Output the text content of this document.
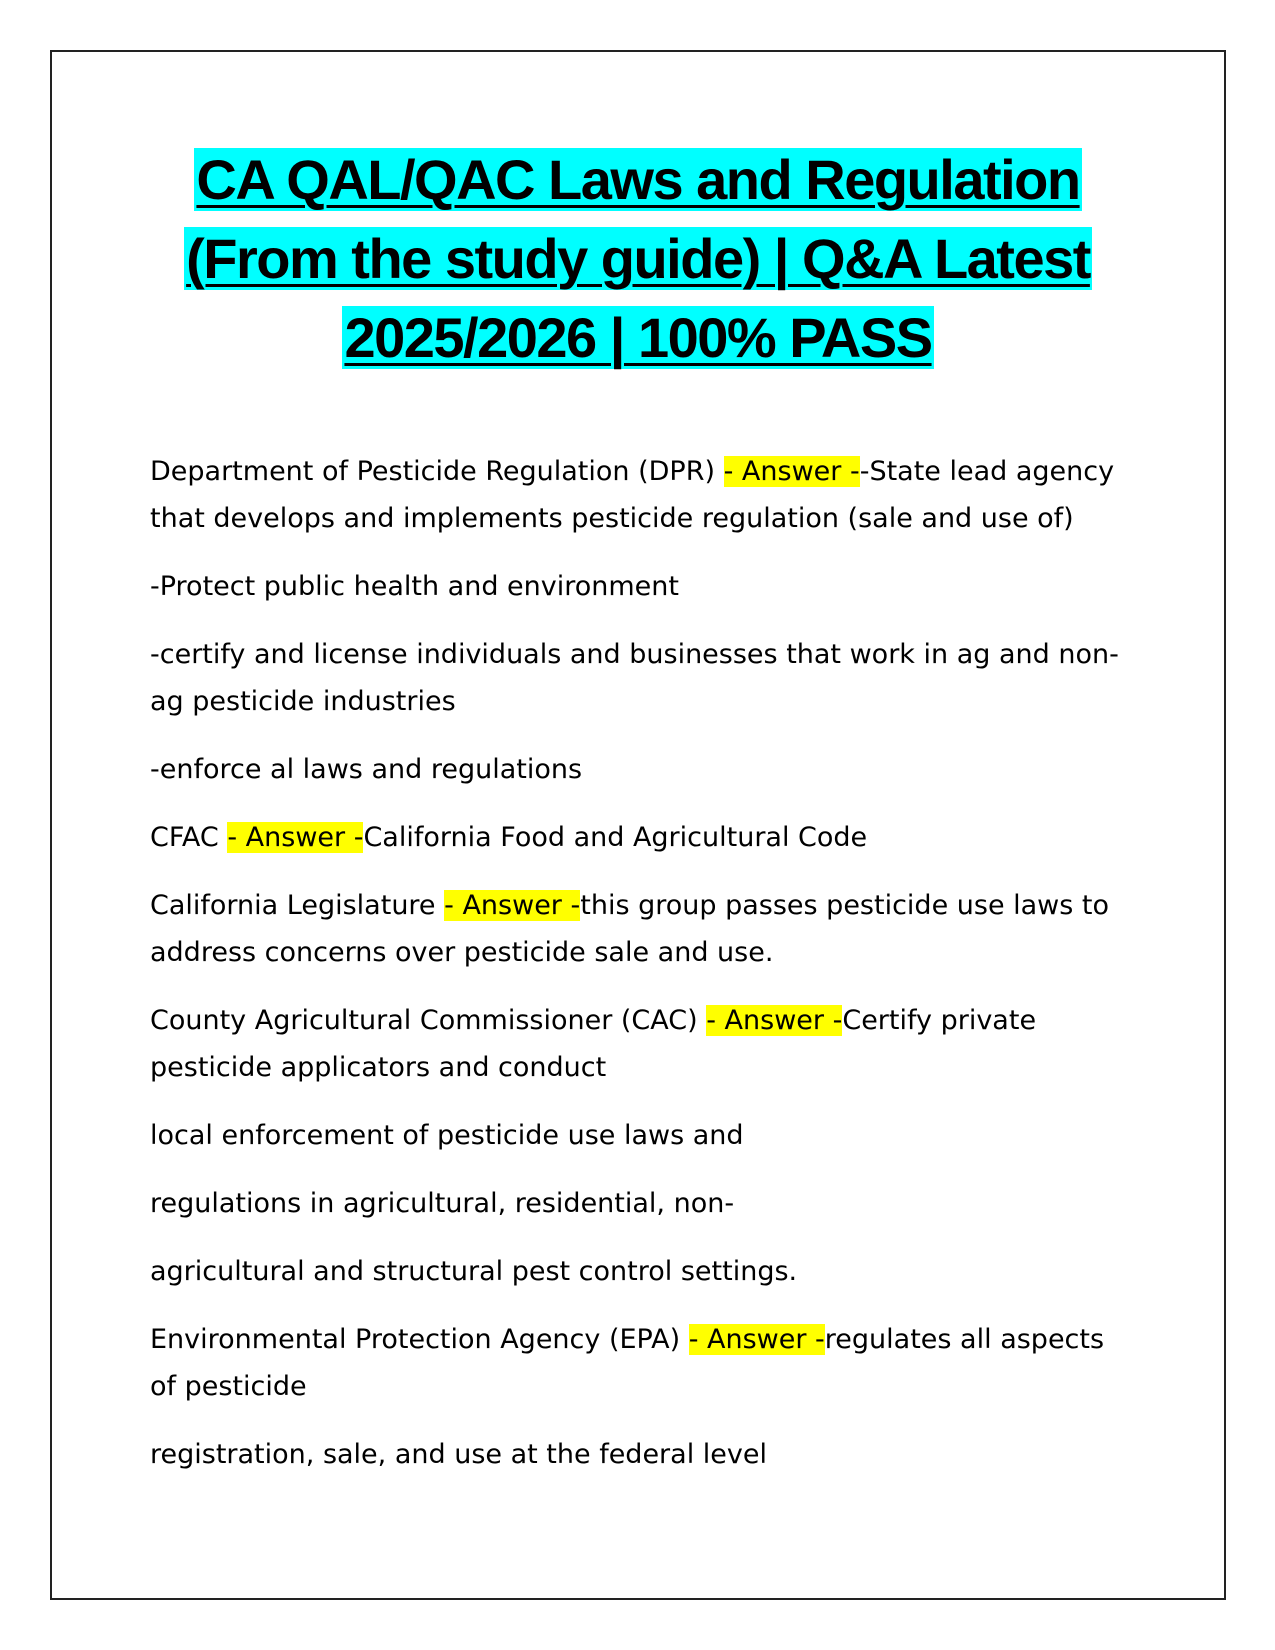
CA QAL/QAC Laws and Regulation
(From the study guide) | Q&A Latest
2025/2026 | 100% PASS

Department of Pesticide Regulation (DPR) - Answer --State lead agency that develops and implements pesticide regulation (sale and use of)

-Protect public health and environment

-certify and license individuals and businesses that work in ag and non-ag pesticide industries

-enforce al laws and regulations

CFAC - Answer -California Food and Agricultural Code

California Legislature - Answer -this group passes pesticide use laws to address concerns over pesticide sale and use.

County Agricultural Commissioner (CAC) - Answer -Certify private pesticide applicators and conduct

local enforcement of pesticide use laws and

regulations in agricultural, residential, non-

agricultural and structural pest control settings.

Environmental Protection Agency (EPA) - Answer -regulates all aspects of pesticide

registration, sale, and use at the federal level
